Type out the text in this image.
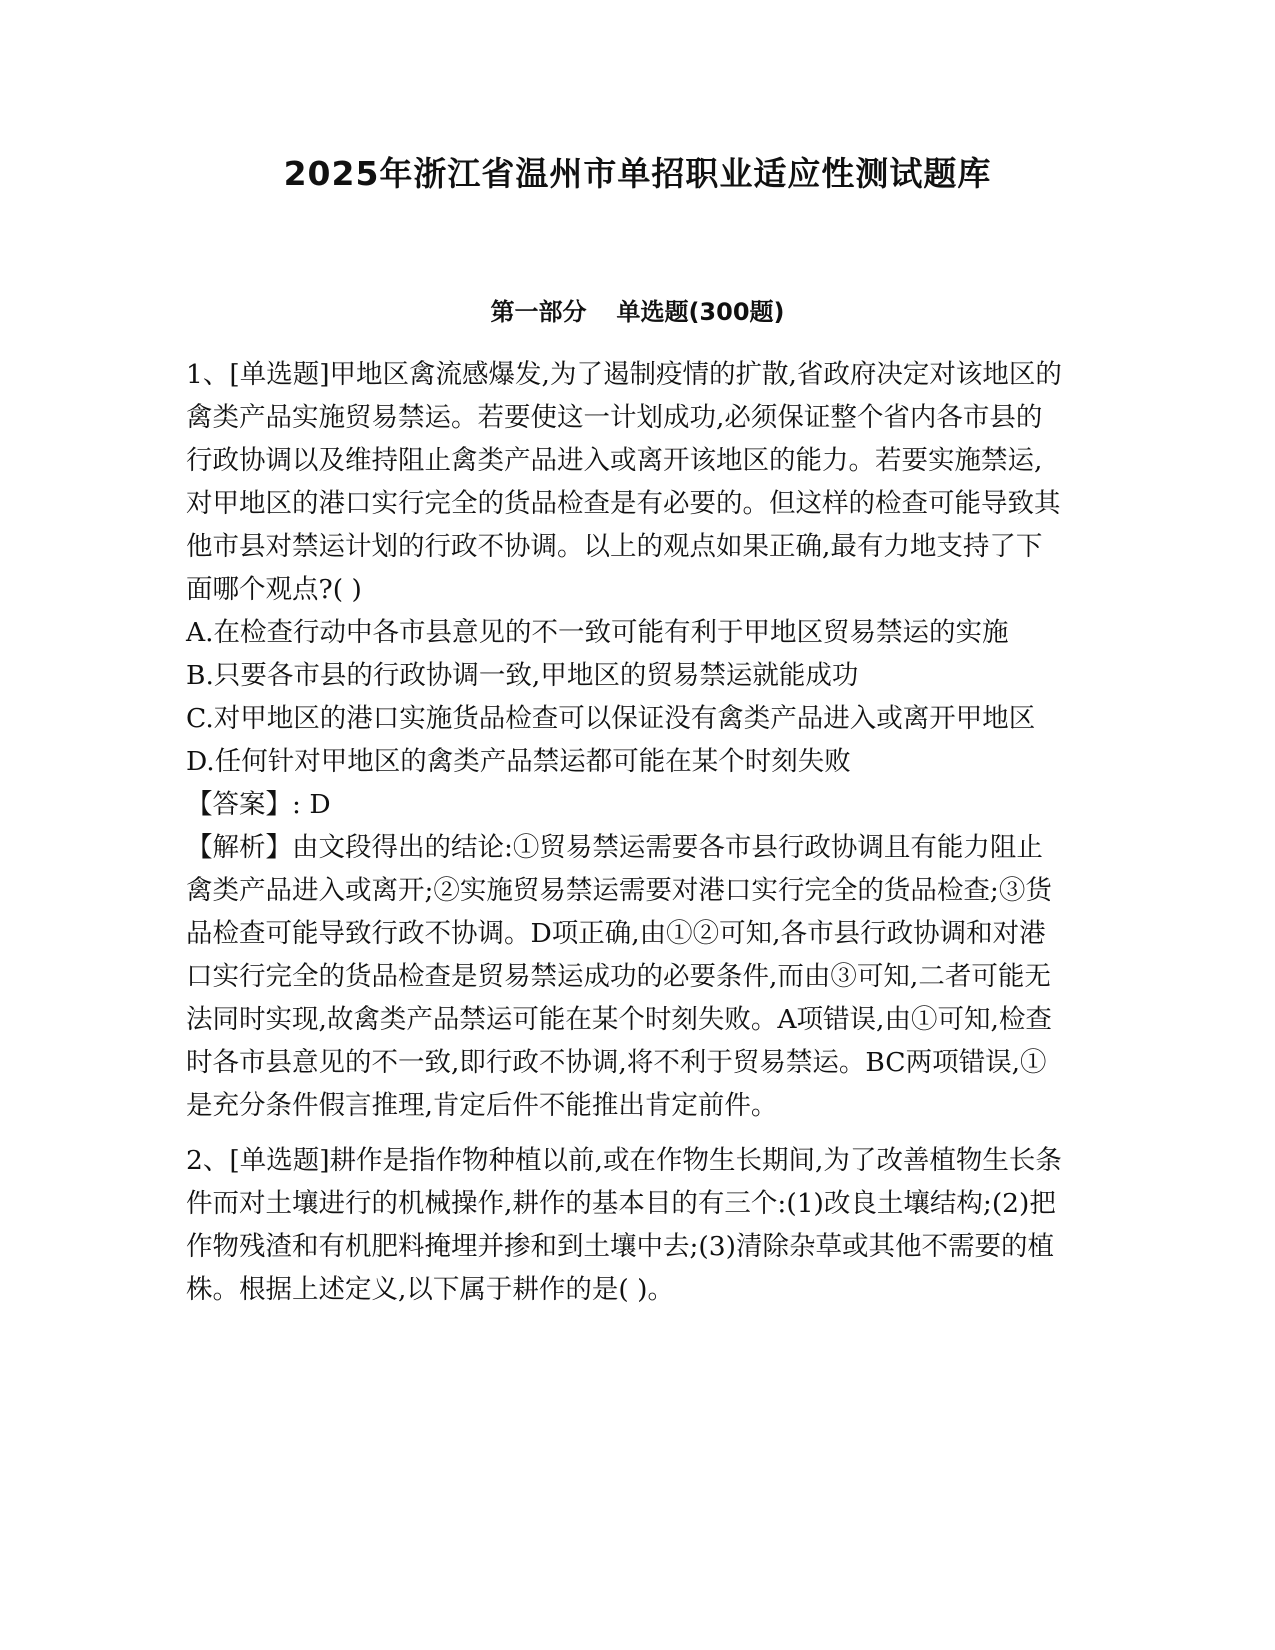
2025年浙江省温州市单招职业适应性测试题库
第一部分 单选题(300题)

1、[单选题]甲地区禽流感爆发,为了遏制疫情的扩散,省政府决定对该地区的禽类产品实施贸易禁运。若要使这一计划成功,必须保证整个省内各市县的行政协调以及维持阻止禽类产品进入或离开该地区的能力。若要实施禁运,对甲地区的港口实行完全的货品检查是有必要的。但这样的检查可能导致其他市县对禁运计划的行政不协调。以上的观点如果正确,最有力地支持了下面哪个观点?( )

A.在检查行动中各市县意见的不一致可能有利于甲地区贸易禁运的实施

B.只要各市县的行政协调一致,甲地区的贸易禁运就能成功

C.对甲地区的港口实施货品检查可以保证没有禽类产品进入或离开甲地区

D.任何针对甲地区的禽类产品禁运都可能在某个时刻失败

【答案】: D

【解析】由文段得出的结论:①贸易禁运需要各市县行政协调且有能力阻止禽类产品进入或离开;②实施贸易禁运需要对港口实行完全的货品检查;③货品检查可能导致行政不协调。D项正确,由①②可知,各市县行政协调和对港口实行完全的货品检查是贸易禁运成功的必要条件,而由③可知,二者可能无法同时实现,故禽类产品禁运可能在某个时刻失败。A项错误,由①可知,检查时各市县意见的不一致,即行政不协调,将不利于贸易禁运。BC两项错误,①是充分条件假言推理,肯定后件不能推出肯定前件。

2、[单选题]耕作是指作物种植以前,或在作物生长期间,为了改善植物生长条件而对土壤进行的机械操作,耕作的基本目的有三个:(1)改良土壤结构;(2)把作物残渣和有机肥料掩埋并掺和到土壤中去;(3)清除杂草或其他不需要的植株。根据上述定义,以下属于耕作的是( )。
